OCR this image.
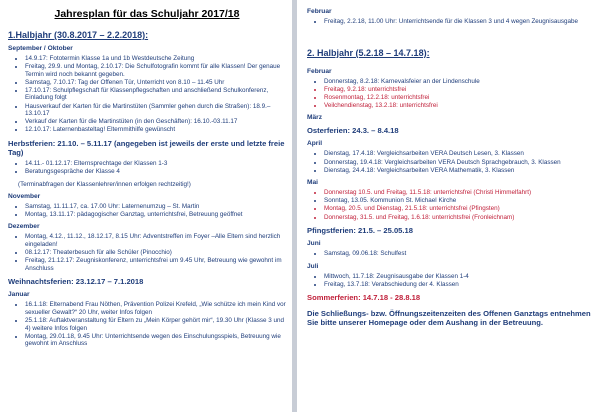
Jahresplan für das Schuljahr 2017/18
1.Halbjahr (30.8.2017 – 2.2.2018):
September / Oktober
• 14.9.17: Fototermin Klasse 1a und 1b Westdeutsche Zeitung
• Freitag, 29.9. und Montag, 2.10.17: Die Schulfotografin kommt für alle Klassen! Der genaue Termin wird noch bekannt gegeben.
• Samstag, 7.10.17: Tag der Offenen Tür, Unterricht von 8.10 – 11.45 Uhr
• 17.10.17: Schulpflegschaft für Klassenpflegschaften und anschließend Schulkonferenz, Einladung folgt
• Hausverkauf der Karten für die Martinstüten (Sammler gehen durch die Straßen): 18.9.–13.10.17
• Verkauf der Karten für die Martinstüten (in den Geschäften): 16.10.-03.11.17
• 12.10.17: Laternenbasteltag! Elternmithilfe gewünscht
Herbstferien: 21.10. – 5.11.17 (angegeben ist jeweils der erste und letzte freie Tag)
• 14.11.- 01.12.17: Elternsprechtage der Klassen 1-3
• Beratungsgespräche der Klasse 4
(Terminabfragen der Klassenlehrer/innen erfolgen rechtzeitig!)
November
• Samstag, 11.11.17, ca. 17.00 Uhr: Laternenumzug – St. Martin
• Montag, 13.11.17: pädagogischer Ganztag, unterrichtsfrei, Betreuung geöffnet
Dezember
• Montag, 4.12., 11.12., 18.12.17, 8.15 Uhr: Adventstreffen im Foyer –Alle Eltern sind herzlich eingeladen!
• 08.12.17: Theaterbesuch für alle Schüler (Pinocchio)
• Freitag, 21.12.17: Zeugniskonferenz, unterrichtsfrei um 9.45 Uhr, Betreuung wie gewohnt im Anschluss
Weihnachtsferien: 23.12.17 – 7.1.2018
Januar
• 16.1.18: Elternabend Frau Nöthen, Prävention Polizei Krefeld, „Wie schütze ich mein Kind vor sexueller Gewalt?“ 20 Uhr, weiter Infos folgen
• 25.1.18: Auftaktveranstaltung für Eltern zu „Mein Körper gehört mir“, 19.30 Uhr (Klasse 3 und 4) weitere Infos folgen
• Montag, 29.01.18, 9.45 Uhr: Unterrichtsende wegen des Einschulungsspiels, Betreuung wie gewohnt im Anschluss
Februar
• Freitag, 2.2.18, 11.00 Uhr: Unterrichtsende für die Klassen 3 und 4 wegen Zeugnisausgabe
2. Halbjahr (5.2.18 – 14.7.18):
Februar
• Donnerstag, 8.2.18: Karnevalsfeier an der Lindenschule
• Freitag, 9.2.18: unterrichtsfrei
• Rosenmontag, 12.2.18: unterrichtsfrei
• Veilchendienstag, 13.2.18: unterrichtsfrei
März
Osterferien: 24.3. – 8.4.18
April
• Dienstag, 17.4.18: Vergleichsarbeiten VERA Deutsch Lesen, 3. Klassen
• Donnerstag, 19.4.18: Vergleichsarbeiten VERA Deutsch Sprachgebrauch, 3. Klassen
• Dienstag, 24.4.18: Vergleichsarbeiten VERA Mathematik, 3. Klassen
Mai
• Donnerstag 10.5. und Freitag, 11.5.18: unterrichtsfrei (Christi Himmelfahrt)
• Sonntag, 13.05. Kommunion St. Michael Kirche
• Montag, 20.5. und Dienstag, 21.5.18: unterrichtsfrei (Pfingsten)
• Donnerstag, 31.5. und Freitag, 1.6.18: unterrichtsfrei (Fronleichnam)
Pfingstferien: 21.5. – 25.05.18
Juni
• Samstag, 09.06.18: Schulfest
Juli
• Mittwoch, 11.7.18: Zeugnisausgabe der Klassen 1-4
• Freitag, 13.7.18: Verabschiedung der 4. Klassen
Sommerferien: 14.7.18 - 28.8.18
Die Schließungs- bzw. Öffnungszeitenzeiten des Offenen Ganztags entnehmen Sie bitte unserer Homepage oder dem Aushang in der Betreuung.
